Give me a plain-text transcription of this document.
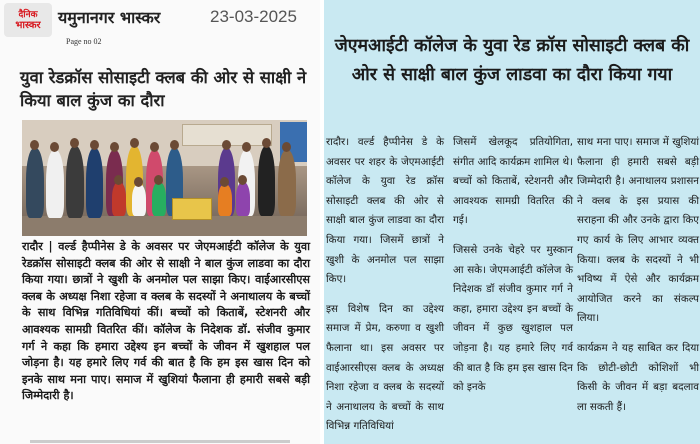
दैनिक
भास्कर यमुनानगर भास्कर	23-03-2025
Page no 02
युवा रेडक्रॉस सोसाइटी क्लब की ओर से साक्षी ने किया बाल कुंज का दौरा
रादौर | वर्ल्ड हैप्पीनेस डे के अवसर पर जेएमआईटी कॉलेज के युवा रेडक्रॉस सोसाइटी क्लब की ओर से साक्षी ने बाल कुंज लाडवा का दौरा किया गया। छात्रों ने खुशी के अनमोल पल साझा किए। वाईआरसीएस क्लब के अध्यक्ष निशा रहेजा व क्लब के सदस्यों ने अनाथालय के बच्चों के साथ विभिन्न गतिविधियां कीं। बच्चों को किताबें, स्टेशनरी और आवश्यक सामग्री वितरित कीं। कॉलेज के निदेशक डॉ. संजीव कुमार गर्ग ने कहा कि हमारा उद्देश्य इन बच्चों के जीवन में खुशहाल पल जोड़ना है। यह हमारे लिए गर्व की बात है कि हम इस खास दिन को इनके साथ मना पाए। समाज में खुशियां फैलाना ही हमारी सबसे बड़ी जिम्मेदारी है।
जेएमआईटी कॉलेज के युवा रेड क्रॉस सोसाइटी क्लब की ओर से साक्षी बाल कुंज लाडवा का दौरा किया गया

रादौर। वर्ल्ड हैप्पीनेस डे के अवसर पर शहर के जेएमआईटी कॉलेज के युवा रेड क्रॉस सोसाइटी क्लब की ओर से साक्षी बाल कुंज लाडवा का दौरा किया गया। जिसमें छात्रों ने खुशी के अनमोल पल साझा किए।

इस विशेष दिन का उद्देश्य समाज में प्रेम, करुणा व खुशी फैलाना था। इस अवसर पर वाईआरसीएस क्लब के अध्यक्ष निशा रहेजा व क्लब के सदस्यों ने अनाथालय के बच्चों के साथ विभिन्न गतिविधियां

जिसमें खेलकूद प्रतियोगिता, संगीत आदि कार्यक्रम शामिल थे। बच्चों को किताबें, स्टेशनरी और आवश्यक सामग्री वितरित की गई।

जिससे उनके चेहरे पर मुस्कान आ सके। जेएमआईटी कॉलेज के निदेशक डॉ संजीव कुमार गर्ग ने कहा, हमारा उद्देश्य इन बच्चों के जीवन में कुछ खुशहाल पल जोड़ना है। यह हमारे लिए गर्व की बात है कि हम इस खास दिन को इनके

साथ मना पाए। समाज में खुशियां फैलाना ही हमारी सबसे बड़ी जिम्मेदारी है। अनाथालय प्रशासन ने क्लब के इस प्रयास की सराहना की और उनके द्वारा किए गए कार्य के लिए आभार व्यक्त किया। क्लब के सदस्यों ने भी भविष्य में ऐसे और कार्यक्रम आयोजित करने का संकल्प लिया।

कार्यक्रम ने यह साबित कर दिया कि छोटी-छोटी कोशिशों भी किसी के जीवन में बड़ा बदलाव ला सकती हैं।
